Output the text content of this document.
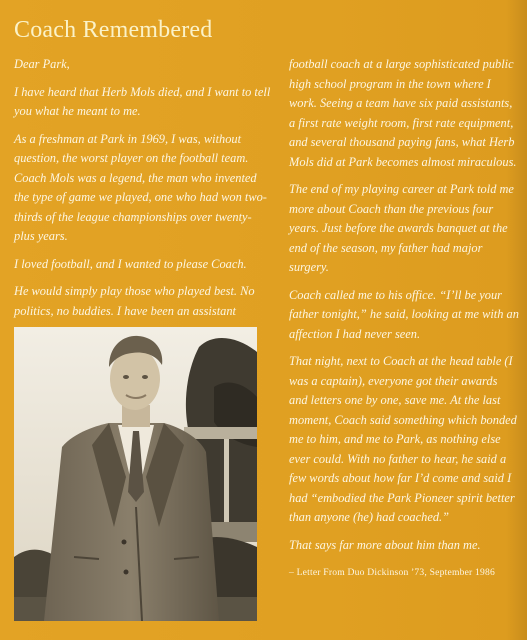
Coach Remembered

Dear Park,

I have heard that Herb Mols died, and I want to tell you what he meant to me.

As a freshman at Park in 1969, I was, without question, the worst player on the football team. Coach Mols was a legend, the man who invented the type of game we played, one who had won two-thirds of the league championships over twenty-plus years.

I loved football, and I wanted to please Coach.

He would simply play those who played best. No politics, no buddies. I have been an assistant

football coach at a large sophisticated public high school program in the town where I work. Seeing a team have six paid assistants, a first rate weight room, first rate equipment, and several thousand paying fans, what Herb Mols did at Park becomes almost miraculous.

The end of my playing career at Park told me more about Coach than the previous four years. Just before the awards banquet at the end of the season, my father had major surgery.

Coach called me to his office. “I’ll be your father tonight,” he said, looking at me with an affection I had never seen.

That night, next to Coach at the head table (I was a captain), everyone got their awards and letters one by one, save me. At the last moment, Coach said something which bonded me to him, and me to Park, as nothing else ever could. With no father to hear, he said a few words about how far I’d come and said I had “embodied the Park Pioneer spirit better than anyone (he) had coached.”

That says far more about him than me.

– Letter From Duo Dickinson ’73, September 1986
